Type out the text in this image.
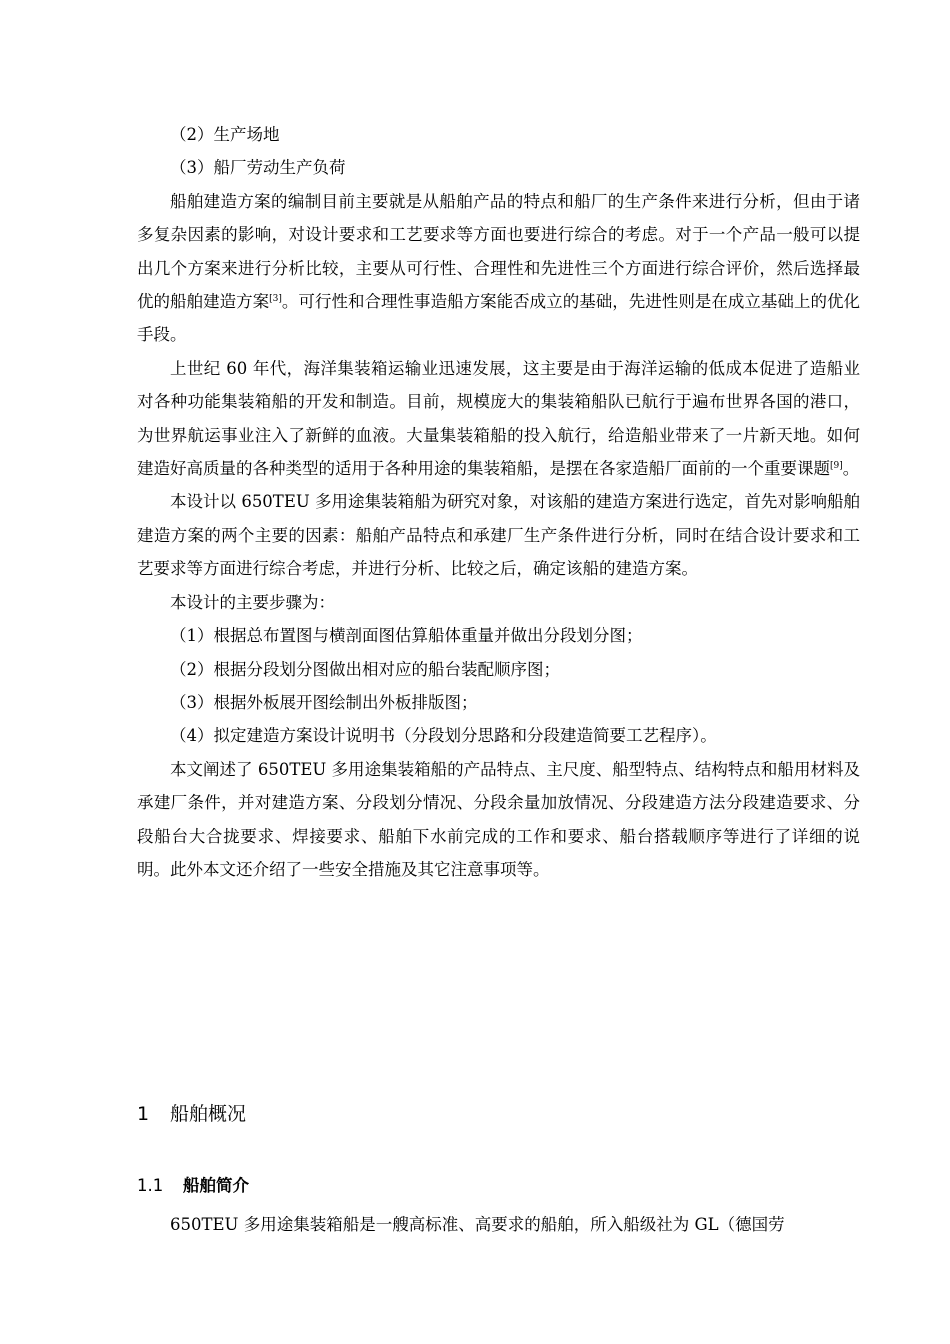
（2）生产场地

（3）船厂劳动生产负荷

船舶建造方案的编制目前主要就是从船舶产品的特点和船厂的生产条件来进行分析，但由于诸多复杂因素的影响，对设计要求和工艺要求等方面也要进行综合的考虑。对于一个产品一般可以提出几个方案来进行分析比较，主要从可行性、合理性和先进性三个方面进行综合评价，然后选择最优的船舶建造方案[3]。可行性和合理性事造船方案能否成立的基础，先进性则是在成立基础上的优化手段。

上世纪 60 年代，海洋集装箱运输业迅速发展，这主要是由于海洋运输的低成本促进了造船业对各种功能集装箱船的开发和制造。目前，规模庞大的集装箱船队已航行于遍布世界各国的港口，为世界航运事业注入了新鲜的血液。大量集装箱船的投入航行，给造船业带来了一片新天地。如何建造好高质量的各种类型的适用于各种用途的集装箱船，是摆在各家造船厂面前的一个重要课题[9]。

本设计以 650TEU 多用途集装箱船为研究对象，对该船的建造方案进行选定，首先对影响船舶建造方案的两个主要的因素：船舶产品特点和承建厂生产条件进行分析，同时在结合设计要求和工艺要求等方面进行综合考虑，并进行分析、比较之后，确定该船的建造方案。

本设计的主要步骤为：

（1）根据总布置图与横剖面图估算船体重量并做出分段划分图；

（2）根据分段划分图做出相对应的船台装配顺序图；

（3）根据外板展开图绘制出外板排版图；

（4）拟定建造方案设计说明书（分段划分思路和分段建造简要工艺程序）。

本文阐述了 650TEU 多用途集装箱船的产品特点、主尺度、船型特点、结构特点和船用材料及承建厂条件，并对建造方案、分段划分情况、分段余量加放情况、分段建造方法分段建造要求、分段船台大合拢要求、焊接要求、船舶下水前完成的工作和要求、船台搭载顺序等进行了详细的说明。此外本文还介绍了一些安全措施及其它注意事项等。

1 船舶概况
1.1 船舶简介

650TEU 多用途集装箱船是一艘高标准、高要求的船舶，所入船级社为 GL（德国劳
